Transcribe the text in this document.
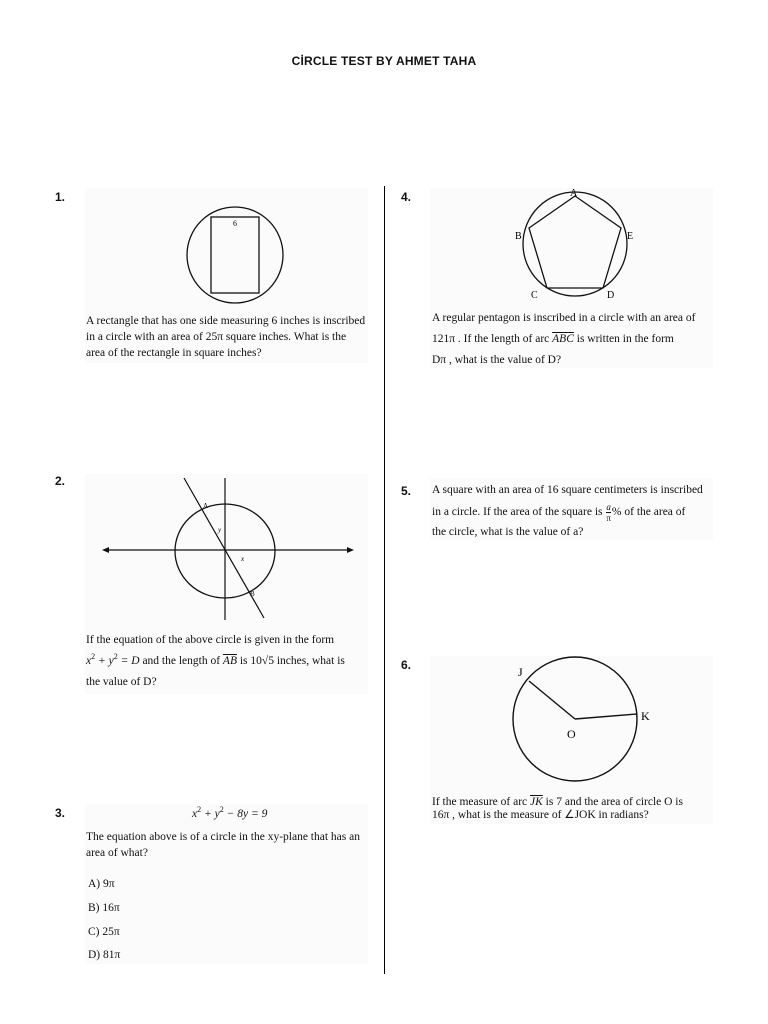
CİRCLE TEST BY AHMET TAHA
1.
6
A rectangle that has one side measuring 6 inches is inscribed in a circle with an area of 25π square inches. What is the area of the rectangle in square inches?
2.
A
B
x
y
If the equation of the above circle is given in the form
$x^2 + y^2 = D$ and the length of $\overline{AB}$ is 10√5 inches, what is
the value of D?
3.	$x^2 + y^2 - 8y = 9$
The equation above is of a circle in the xy-plane that has an area of what?
A) 9π
B) 16π
C) 25π
D) 81π
4.	A
B
C	D
E
A regular pentagon is inscribed in a circle with an area of
121π . If the length of arc $\overline{ABC}$ is written in the form
Dπ , what is the value of D?
5. A square with an area of 16 square centimeters is inscribed
in a circle. If the area of the square is $\frac{a}{\pi}$ % of the area of
the circle, what is the value of a?
6.	J
K
O
If the measure of arc $\overline{JK}$ is 7 and the area of circle O is
16π , what is the measure of ∠JOK in radians?
